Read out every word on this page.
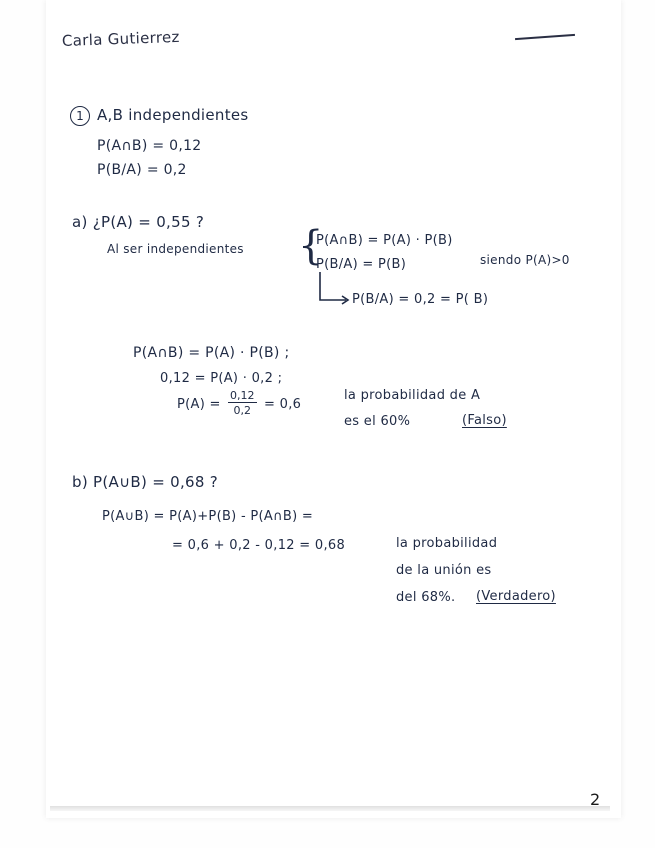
Carla Gutierrez
1 A,B independientes
P(A∩B) = 0,12
P(B/A) = 0,2
a) ¿P(A) = 0,55 ?
Al ser independientes {
P(A∩B) = P(A) · P(B)
P(B/A) = P(B)	siendo P(A)>0
P(B/A) = 0,2 = P( B)
P(A∩B) = P(A) · P(B) ;
0,12 = P(A) · 0,2 ;
$P(A) = \frac{0,12}{0,2} = 0,6$
la probabilidad de A
es el 60%	(Falso)
b) P(A∪B) = 0,68 ?
P(A∪B) = P(A)+P(B) - P(A∩B) =
= 0,6 + 0,2 - 0,12 = 0,68	la probabilidad
de la unión es
del 68%. (Verdadero)
2
